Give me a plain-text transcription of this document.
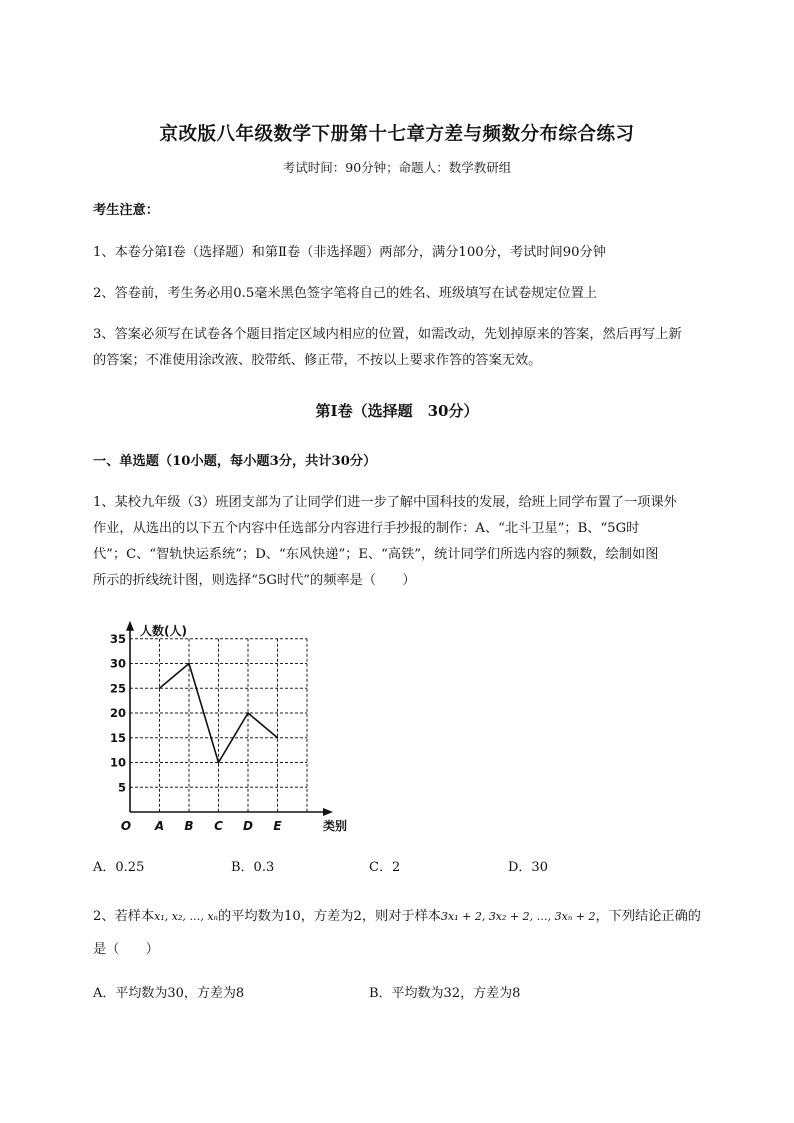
京改版八年级数学下册第十七章方差与频数分布综合练习
考试时间：90分钟；命题人：数学教研组
考生注意：
1、本卷分第I卷（选择题）和第Ⅱ卷（非选择题）两部分，满分100分，考试时间90分钟
2、答卷前，考生务必用0.5毫米黑色签字笔将自己的姓名、班级填写在试卷规定位置上
3、答案必须写在试卷各个题目指定区域内相应的位置，如需改动，先划掉原来的答案，然后再写上新
的答案；不准使用涂改液、胶带纸、修正带，不按以上要求作答的答案无效。
第I卷（选择题　30分）
一、单选题（10小题，每小题3分，共计30分）
1、某校九年级（3）班团支部为了让同学们进一步了解中国科技的发展，给班上同学布置了一项课外
作业，从选出的以下五个内容中任选部分内容进行手抄报的制作：A、“北斗卫星”；B、“5G时
代”；C、“智轨快运系统”；D、“东风快递”；E、“高铁”，统计同学们所选内容的频数，绘制如图
所示的折线统计图，则选择“5G时代”的频率是（　　）
5
10
15
20
25
30
35
A B C D E
O
人数(人)
类别
A．0.25	B．0.3	C．2	D．30
2、若样本x₁, x₂, …, xₙ的平均数为10，方差为2，则对于样本3x₁ + 2, 3x₂ + 2, …, 3xₙ + 2，下列结论正确的
是（　　）
A．平均数为30，方差为8	B．平均数为32，方差为8
